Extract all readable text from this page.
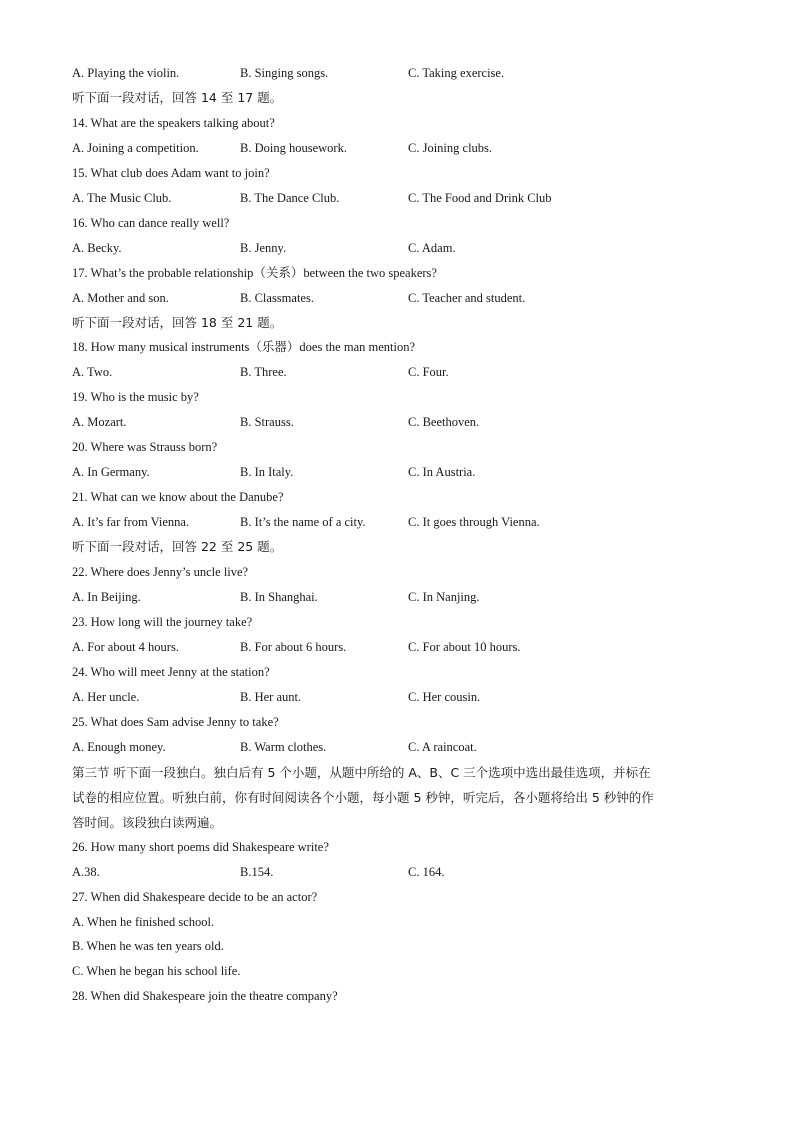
A. Playing the violin.	B. Singing songs.	C. Taking exercise.
听下面一段对话，回答 14 至 17 题。
14. What are the speakers talking about?
A. Joining a competition.	B. Doing housework.	C. Joining clubs.
15. What club does Adam want to join?
A. The Music Club.	B. The Dance Club.	C. The Food and Drink Club
16. Who can dance really well?
A. Becky.	B. Jenny.	C. Adam.
17. What’s the probable relationship（关系）between the two speakers?
A. Mother and son.	B. Classmates.	C. Teacher and student.
听下面一段对话，回答 18 至 21 题。
18. How many musical instruments（乐器）does the man mention?
A. Two.	B. Three.	C. Four.
19. Who is the music by?
A. Mozart.	B. Strauss.	C. Beethoven.
20. Where was Strauss born?
A. In Germany.	B. In Italy.	C. In Austria.
21. What can we know about the Danube?
A. It’s far from Vienna.	B. It’s the name of a city.	C. It goes through Vienna.
听下面一段对话，回答 22 至 25 题。
22. Where does Jenny’s uncle live?
A. In Beijing.	B. In Shanghai.	C. In Nanjing.
23. How long will the journey take?
A. For about 4 hours.	B. For about 6 hours.	C. For about 10 hours.
24. Who will meet Jenny at the station?
A. Her uncle.	B. Her aunt.	C. Her cousin.
25. What does Sam advise Jenny to take?
A. Enough money.	B. Warm clothes.	C. A raincoat.
第三节 听下面一段独白。独白后有 5 个小题，从题中所给的 A、B、C 三个选项中选出最佳选项，并标在
试卷的相应位置。听独白前，你有时间阅读各个小题，每小题 5 秒钟，听完后，各小题将给出 5 秒钟的作
答时间。该段独白读两遍。
26. How many short poems did Shakespeare write?
A.38.	B.154.	C. 164.
27. When did Shakespeare decide to be an actor?
A. When he finished school.
B. When he was ten years old.
C. When he began his school life.
28. When did Shakespeare join the theatre company?
